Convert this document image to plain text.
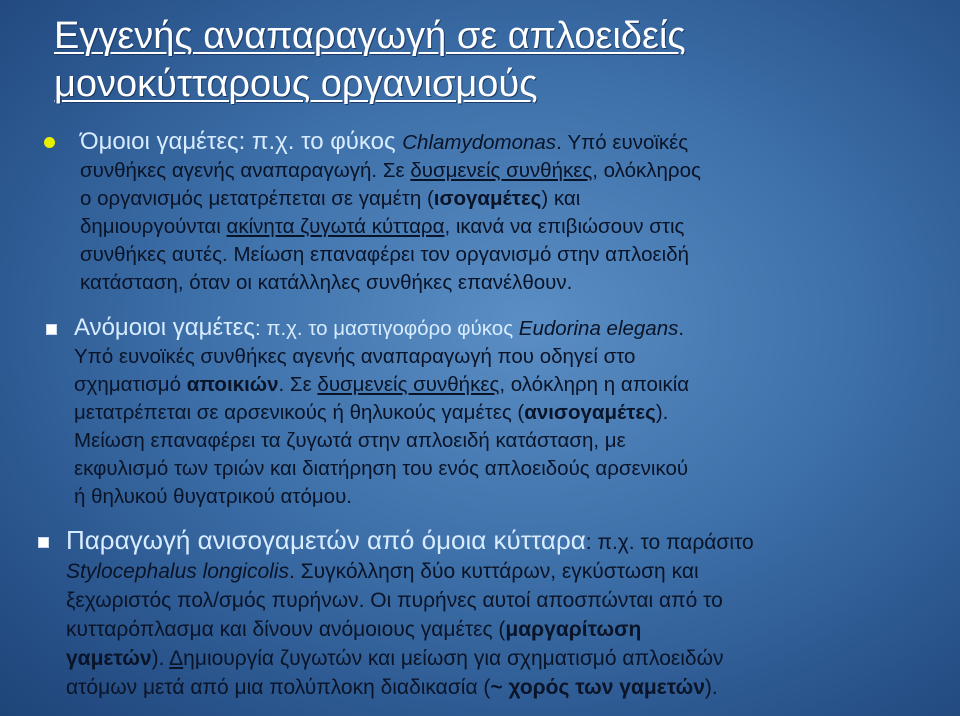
Εγγενής αναπαραγωγή σε απλοειδείς
μονοκύτταρους οργανισμούς
Όμοιοι γαμέτες: π.χ. το φύκος Chlamydomonas. Υπό ευνοϊκές
συνθήκες αγενής αναπαραγωγή. Σε δυσμενείς συνθήκες, ολόκληρος
ο οργανισμός μετατρέπεται σε γαμέτη (ισογαμέτες) και
δημιουργούνται ακίνητα ζυγωτά κύτταρα, ικανά να επιβιώσουν στις
συνθήκες αυτές. Μείωση επαναφέρει τον οργανισμό στην απλοειδή
κατάσταση, όταν οι κατάλληλες συνθήκες επανέλθουν.
Ανόμοιοι γαμέτες: π.χ. το μαστιγοφόρο φύκος Eudorina elegans.
Υπό ευνοϊκές συνθήκες αγενής αναπαραγωγή που οδηγεί στο
σχηματισμό αποικιών. Σε δυσμενείς συνθήκες, ολόκληρη η αποικία
μετατρέπεται σε αρσενικούς ή θηλυκούς γαμέτες (ανισογαμέτες).
Μείωση επαναφέρει τα ζυγωτά στην απλοειδή κατάσταση, με
εκφυλισμό των τριών και διατήρηση του ενός απλοειδούς αρσενικού
ή θηλυκού θυγατρικού ατόμου.
Παραγωγή ανισογαμετών από όμοια κύτταρα: π.χ. το παράσιτο
Stylocephalus longicolis. Συγκόλληση δύο κυττάρων, εγκύστωση και
ξεχωριστός πολ/σμός πυρήνων. Οι πυρήνες αυτοί αποσπώνται από το
κυτταρόπλασμα και δίνουν ανόμοιους γαμέτες (μαργαρίτωση
γαμετών). Δημιουργία ζυγωτών και μείωση για σχηματισμό απλοειδών
ατόμων μετά από μια πολύπλοκη διαδικασία (~ χορός των γαμετών).
